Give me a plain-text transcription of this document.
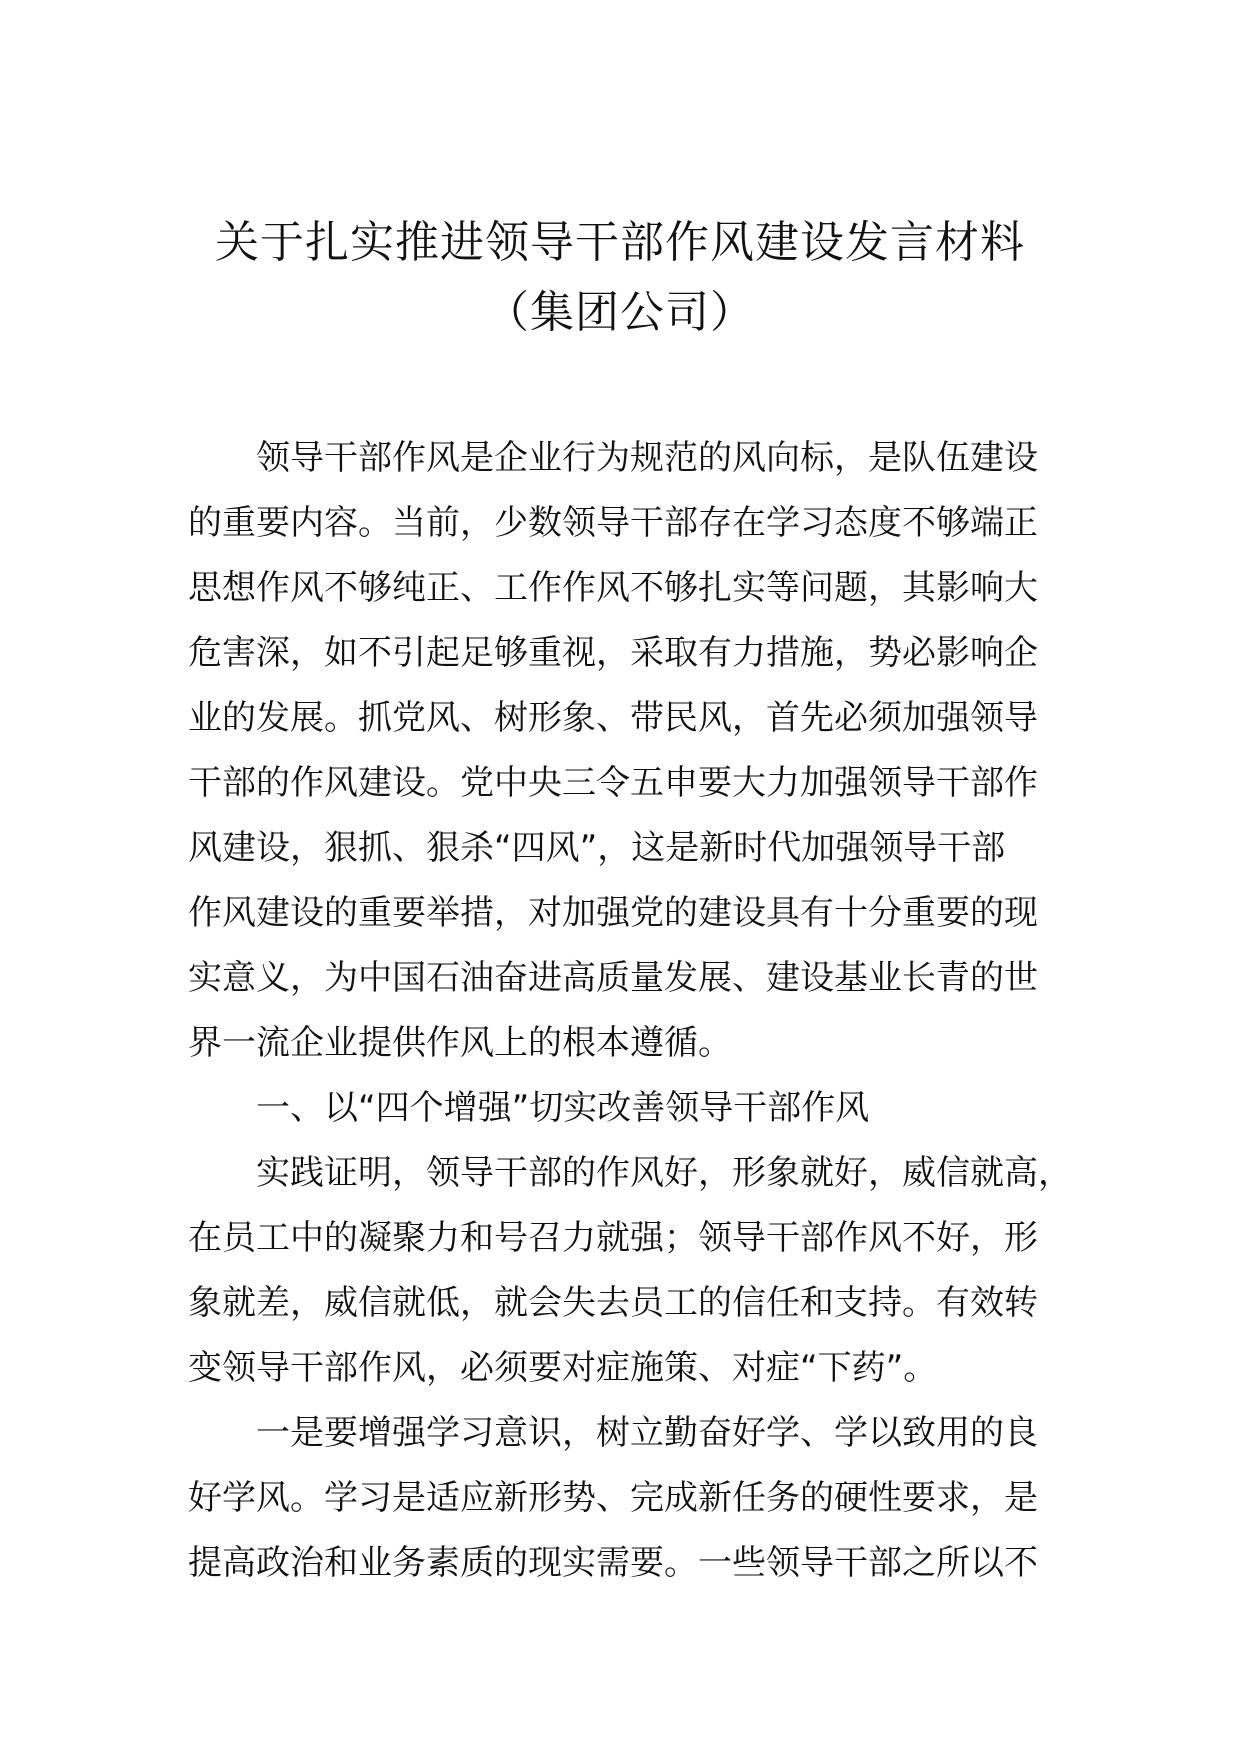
关于扎实推进领导干部作风建设发言材料
（集团公司）
领导干部作风是企业行为规范的风向标，是队伍建设
的重要内容。当前，少数领导干部存在学习态度不够端正
思想作风不够纯正、工作作风不够扎实等问题，其影响大
危害深，如不引起足够重视，采取有力措施，势必影响企
业的发展。抓党风、树形象、带民风，首先必须加强领导
干部的作风建设。党中央三令五申要大力加强领导干部作
风建设，狠抓、狠杀“四风”，这是新时代加强领导干部
作风建设的重要举措，对加强党的建设具有十分重要的现
实意义，为中国石油奋进高质量发展、建设基业长青的世
界一流企业提供作风上的根本遵循。
一、以“四个增强”切实改善领导干部作风
实践证明，领导干部的作风好，形象就好，威信就高，
在员工中的凝聚力和号召力就强；领导干部作风不好，形
象就差，威信就低，就会失去员工的信任和支持。有效转
变领导干部作风，必须要对症施策、对症“下药”。
一是要增强学习意识，树立勤奋好学、学以致用的良
好学风。学习是适应新形势、完成新任务的硬性要求，是
提高政治和业务素质的现实需要。一些领导干部之所以不
